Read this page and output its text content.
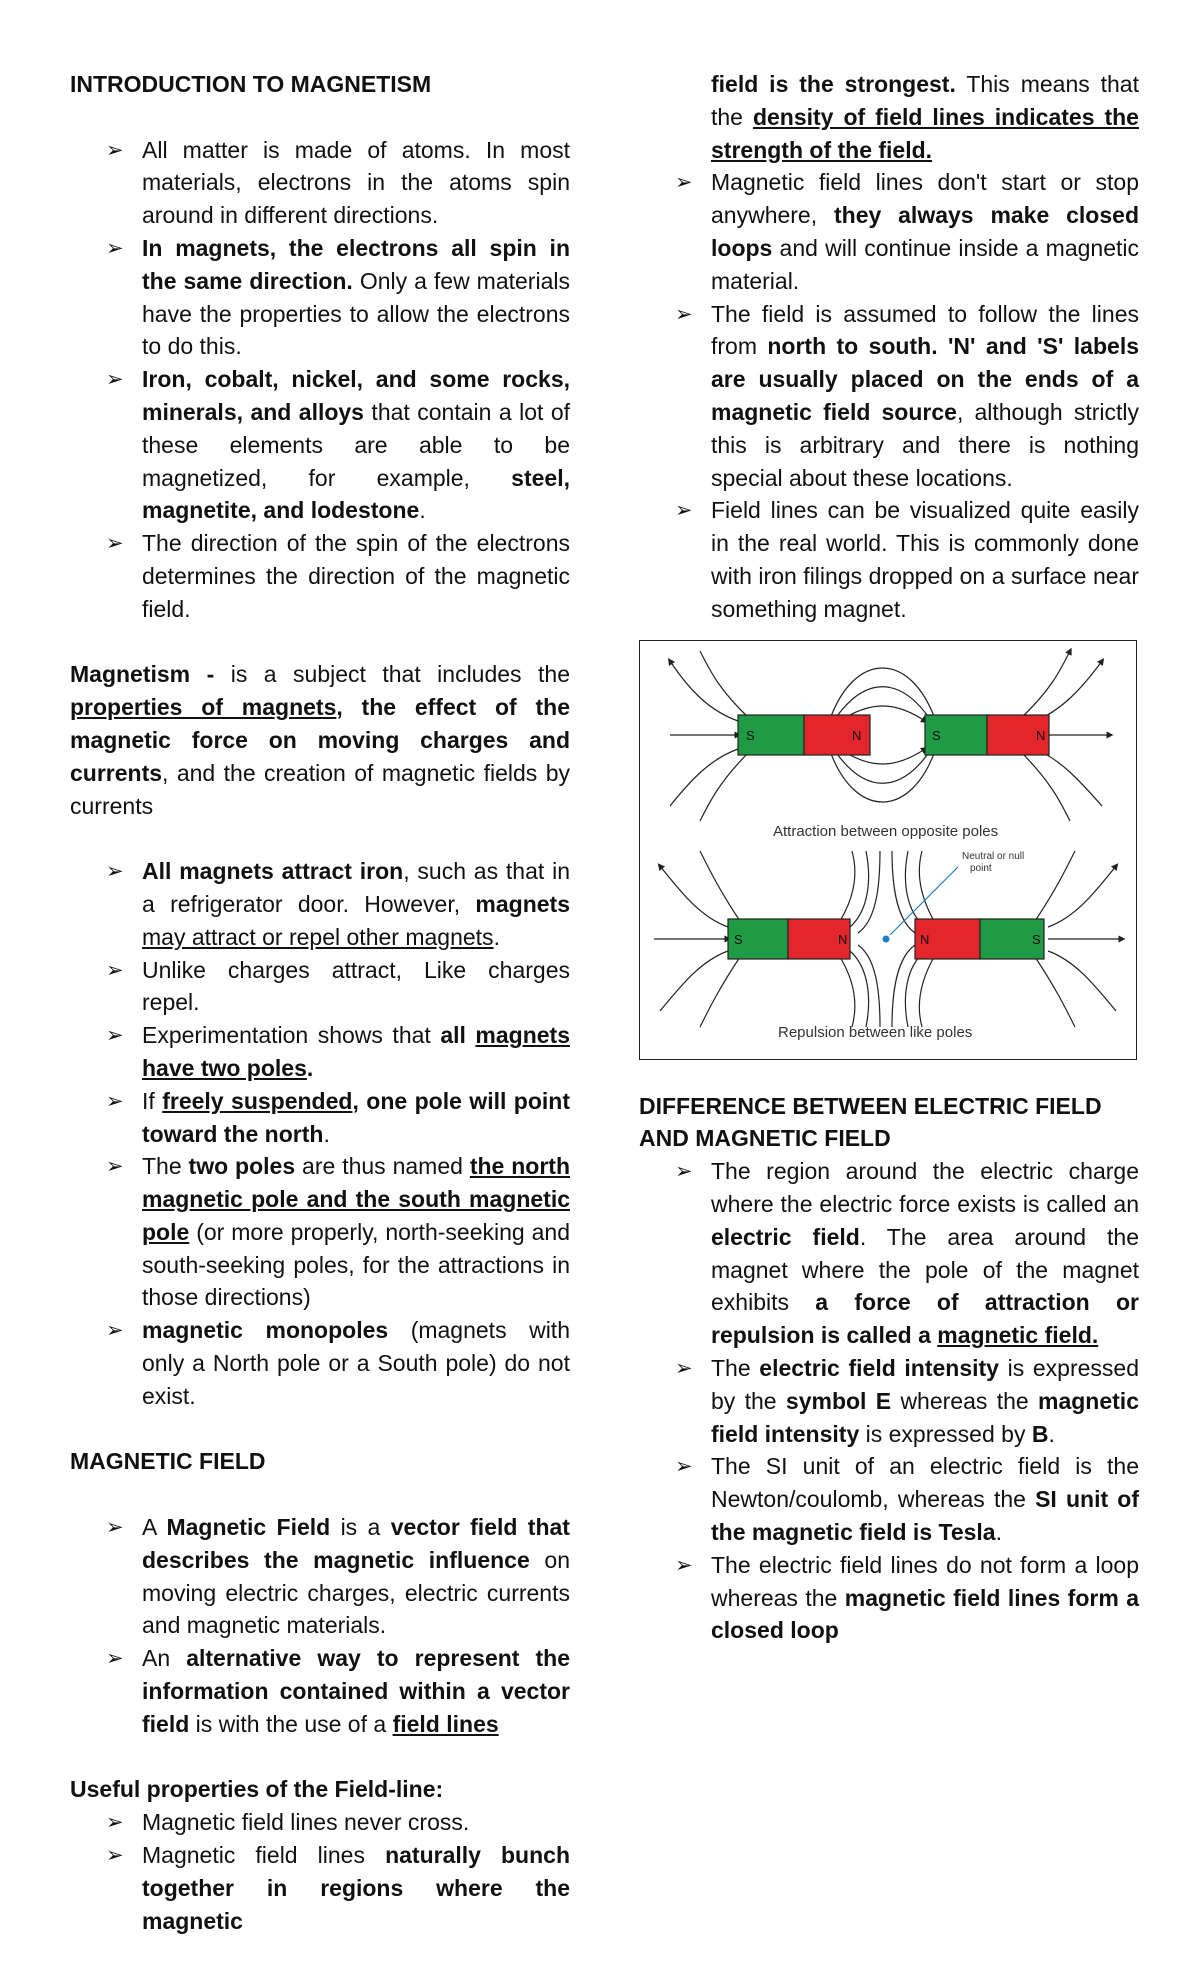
INTRODUCTION TO MAGNETISM

➢ All matter is made of atoms. In most materials, electrons in the atoms spin around in different directions.
➢ In magnets, the electrons all spin in the same direction. Only a few materials have the properties to allow the electrons to do this.
➢ Iron, cobalt, nickel, and some rocks, minerals, and alloys that contain a lot of these elements are able to be magnetized, for example, steel, magnetite, and lodestone.
➢ The direction of the spin of the electrons determines the direction of the magnetic field.

Magnetism - is a subject that includes the properties of magnets, the effect of the magnetic force on moving charges and currents, and the creation of magnetic fields by currents

➢ All magnets attract iron, such as that in a refrigerator door. However, magnets may attract or repel other magnets.
➢ Unlike charges attract, Like charges repel.
➢ Experimentation shows that all magnets have two poles.
➢ If freely suspended, one pole will point toward the north.
➢ The two poles are thus named the north magnetic pole and the south magnetic pole (or more properly, north-seeking and south-seeking poles, for the attractions in those directions)
➢ magnetic monopoles (magnets with only a North pole or a South pole) do not exist.

MAGNETIC FIELD

➢ A Magnetic Field is a vector field that describes the magnetic influence on moving electric charges, electric currents and magnetic materials.
➢ An alternative way to represent the information contained within a vector field is with the use of a field lines

Useful properties of the Field-line:

➢ Magnetic field lines never cross.
➢ Magnetic field lines naturally bunch together in regions where the magnetic
field is the strongest. This means that the density of field lines indicates the strength of the field.
➢ Magnetic field lines don't start or stop anywhere, they always make closed loops and will continue inside a magnetic material.
➢ The field is assumed to follow the lines from north to south. 'N' and 'S' labels are usually placed on the ends of a magnetic field source, although strictly this is arbitrary and there is nothing special about these locations.
➢ Field lines can be visualized quite easily in the real world. This is commonly done with iron filings dropped on a surface near something magnet.
S	N	S	N
Attraction between opposite poles
S	N	N	S
Neutral or null
point
Repulsion between like poles

DIFFERENCE BETWEEN ELECTRIC FIELD AND MAGNETIC FIELD

➢ The region around the electric charge where the electric force exists is called an electric field. The area around the magnet where the pole of the magnet exhibits a force of attraction or repulsion is called a magnetic field.
➢ The electric field intensity is expressed by the symbol E whereas the magnetic field intensity is expressed by B.
➢ The SI unit of an electric field is the Newton/coulomb, whereas the SI unit of the magnetic field is Tesla.
➢ The electric field lines do not form a loop whereas the magnetic field lines form a closed loop
